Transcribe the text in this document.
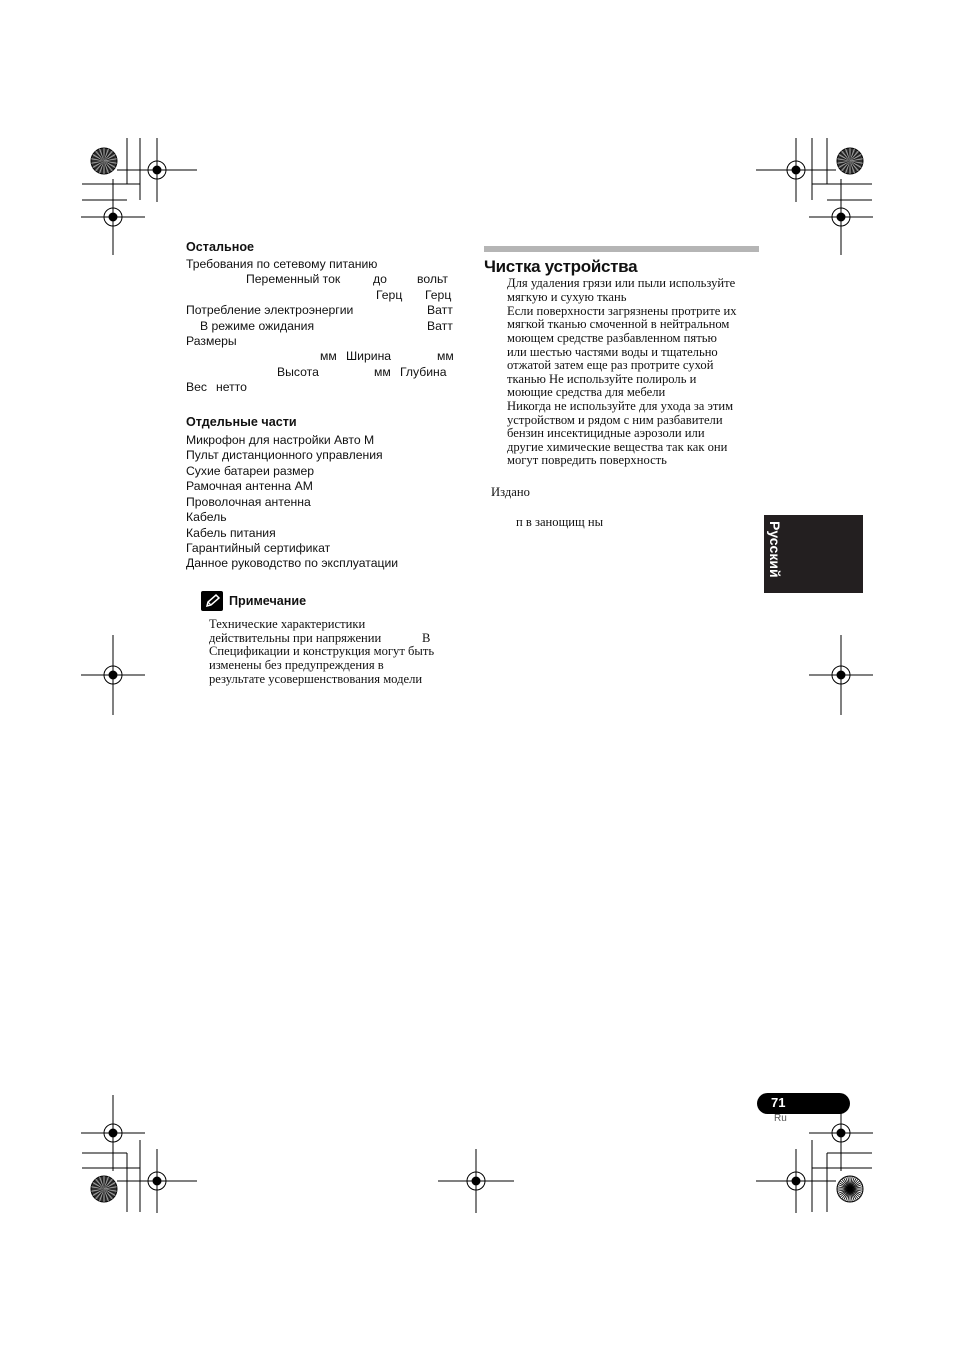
Остальное
Требования по сетевому питанию
Переменный ток	до вольт
Герц Герц
Потребление электроэнергии	Ватт
В режиме ожидания	Ватт
Размеры
мм Ширина	мм
Высота	мм Глубина
Вес нетто
Отдельные части
Микрофон для настройки Авто М
Пульт дистанционного управления
Сухие батареи размер
Рамочная антенна AM
Проволочная антенна
Кабель
Кабель питания
Гарантийный сертификат
Данное руководство по эксплуатации
Примечание
Технические характеристики
действительны при напряжении	В
Спецификации и конструкция могут быть
изменены без предупреждения в
результате усовершенствования модели
Чистка устройства
Для удаления грязи или пыли используйте
мягкую и сухую ткань
Если поверхности загрязнены протрите их
мягкой тканью смоченной в нейтральном
моющем средстве разбавленном пятью
или шестью частями воды и тщательно
отжатой затем еще раз протрите сухой
тканью Не используйте полироль и
моющие средства для мебели
Никогда не используйте для ухода за этим
устройством и рядом с ним разбавители
бензин инсектицидные аэрозоли или
другие химические вещества так как они
могут повредить поверхность
Издано
п в занощищ ны	Русский
71
Ru
